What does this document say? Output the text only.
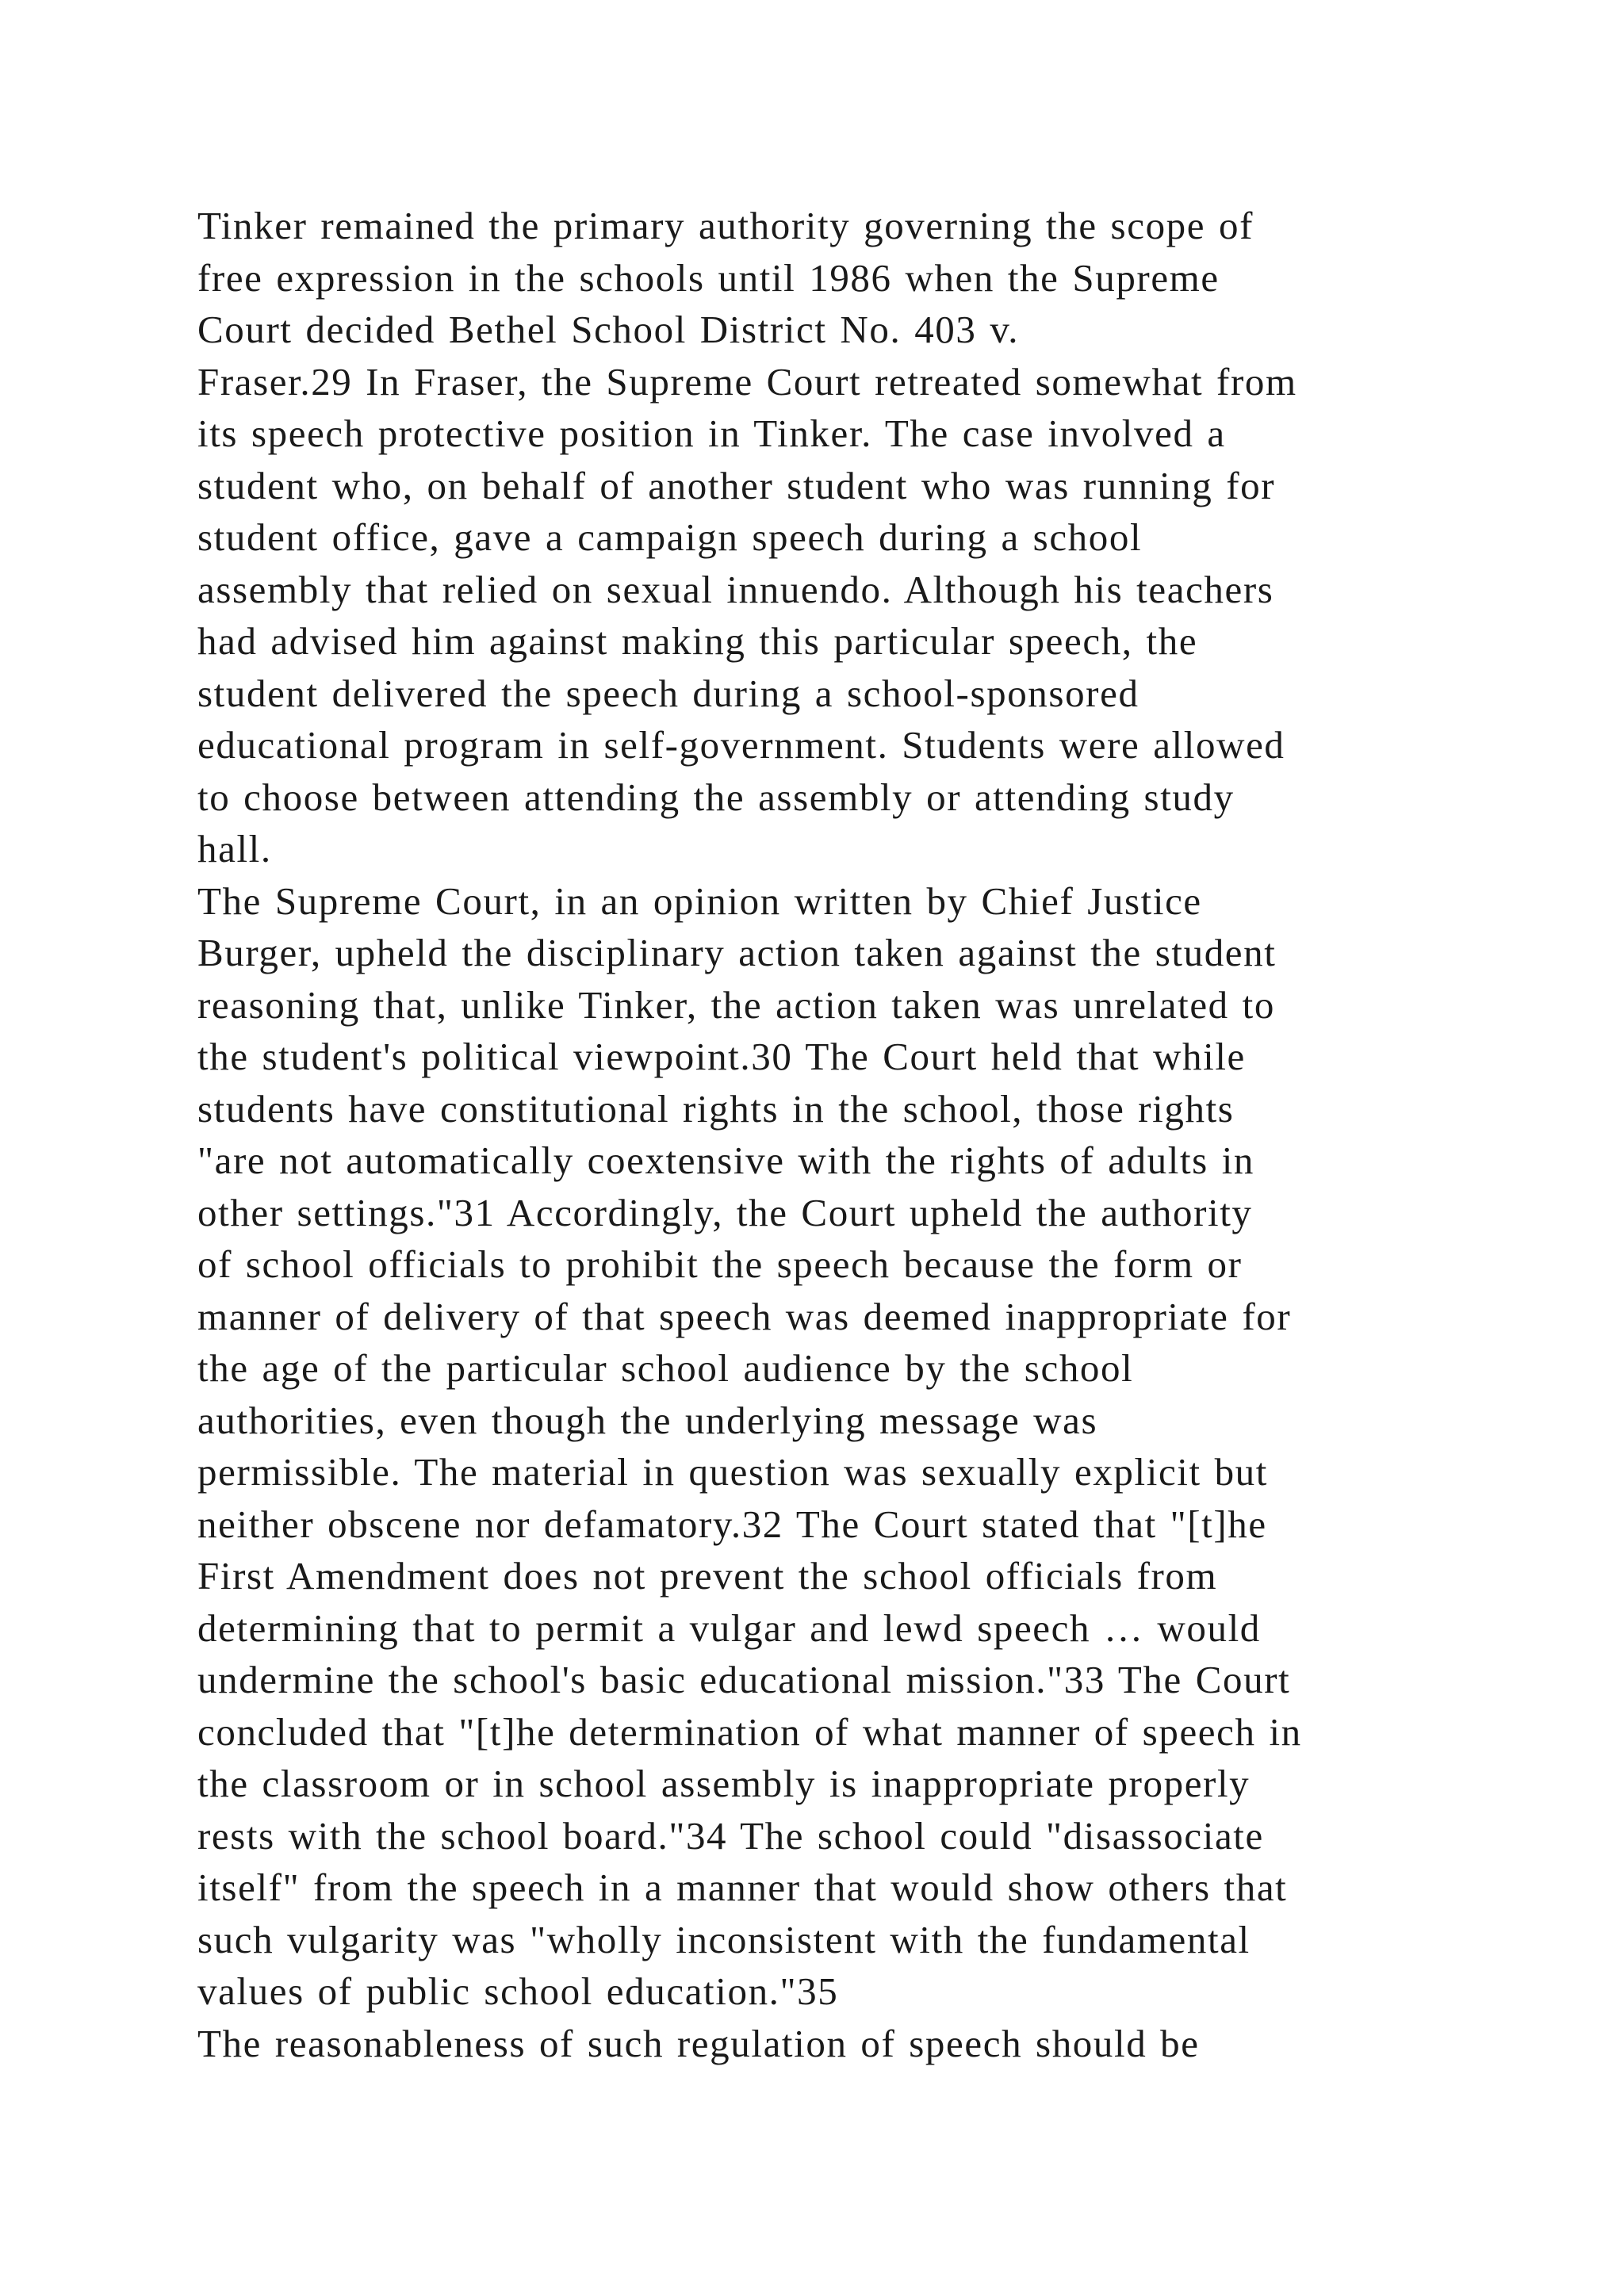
Tinker remained the primary authority governing the scope of
free expression in the schools until 1986 when the Supreme
Court decided Bethel School District No. 403 v.
Fraser.29 In Fraser, the Supreme Court retreated somewhat from
its speech protective position in Tinker. The case involved a
student who, on behalf of another student who was running for
student office, gave a campaign speech during a school
assembly that relied on sexual innuendo. Although his teachers
had advised him against making this particular speech, the
student delivered the speech during a school-sponsored
educational program in self-government. Students were allowed
to choose between attending the assembly or attending study
hall.
The Supreme Court, in an opinion written by Chief Justice
Burger, upheld the disciplinary action taken against the student
reasoning that, unlike Tinker, the action taken was unrelated to
the student's political viewpoint.30 The Court held that while
students have constitutional rights in the school, those rights
"are not automatically coextensive with the rights of adults in
other settings."31 Accordingly, the Court upheld the authority
of school officials to prohibit the speech because the form or
manner of delivery of that speech was deemed inappropriate for
the age of the particular school audience by the school
authorities, even though the underlying message was
permissible. The material in question was sexually explicit but
neither obscene nor defamatory.32 The Court stated that "[t]he
First Amendment does not prevent the school officials from
determining that to permit a vulgar and lewd speech … would
undermine the school's basic educational mission."33 The Court
concluded that "[t]he determination of what manner of speech in
the classroom or in school assembly is inappropriate properly
rests with the school board."34 The school could "disassociate
itself" from the speech in a manner that would show others that
such vulgarity was "wholly inconsistent with the fundamental
values of public school education."35
The reasonableness of such regulation of speech should be
